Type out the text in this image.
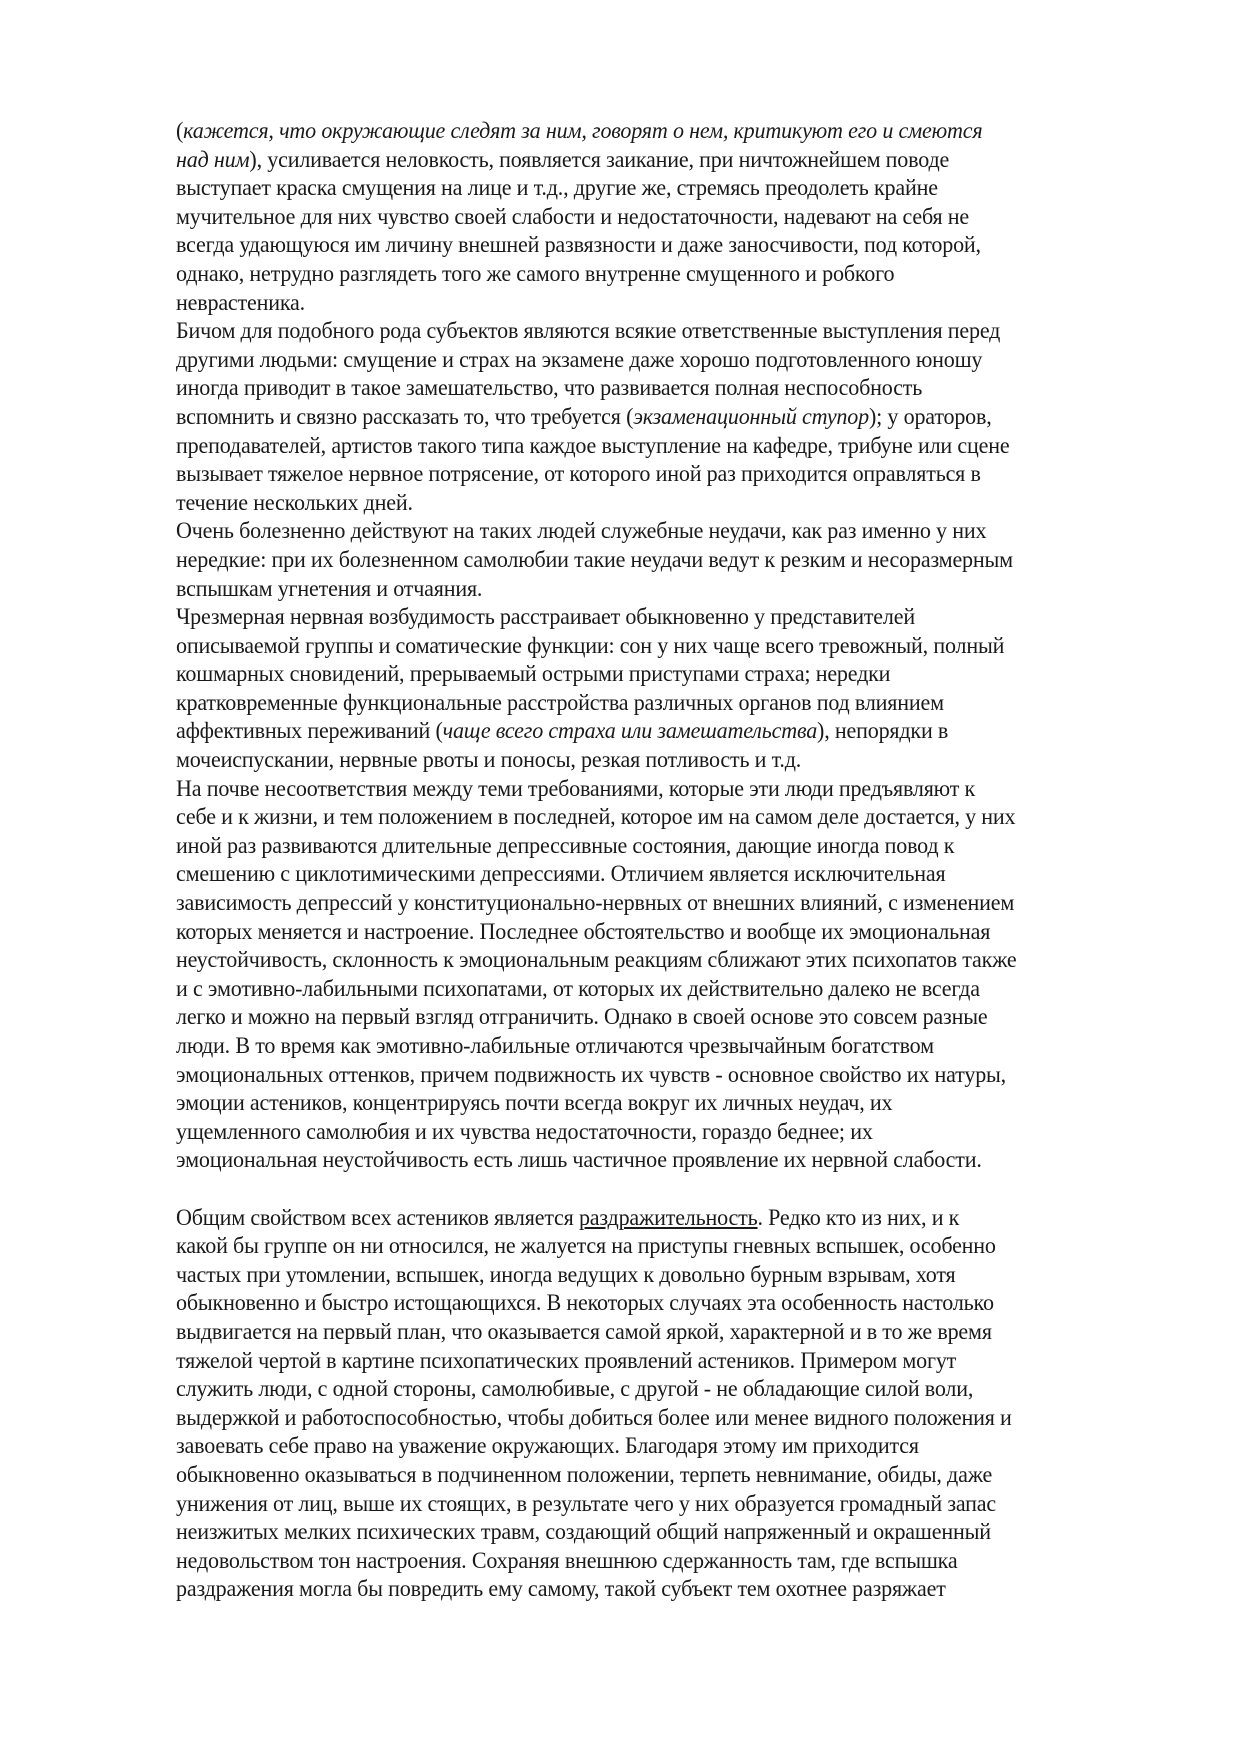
(кажется, что окружающие следят за ним, говорят о нем, критикуют его и смеются
над ним), усиливается неловкость, появляется заикание, при ничтожнейшем поводе
выступает краска смущения на лице и т.д., другие же, стремясь преодолеть крайне
мучительное для них чувство своей слабости и недостаточности, надевают на себя не
всегда удающуюся им личину внешней развязности и даже заносчивости, под которой,
однако, нетрудно разглядеть того же самого внутренне смущенного и робкого
неврастеника.
Бичом для подобного рода субъектов являются всякие ответственные выступления перед
другими людьми: смущение и страх на экзамене даже хорошо подготовленного юношу
иногда приводит в такое замешательство, что развивается полная неспособность
вспомнить и связно рассказать то, что требуется (экзаменационный ступор); у ораторов,
преподавателей, артистов такого типа каждое выступление на кафедре, трибуне или сцене
вызывает тяжелое нервное потрясение, от которого иной раз приходится оправляться в
течение нескольких дней.
Очень болезненно действуют на таких людей служебные неудачи, как раз именно у них
нередкие: при их болезненном самолюбии такие неудачи ведут к резким и несоразмерным
вспышкам угнетения и отчаяния.
Чрезмерная нервная возбудимость расстраивает обыкновенно у представителей
описываемой группы и соматические функции: сон у них чаще всего тревожный, полный
кошмарных сновидений, прерываемый острыми приступами страха; нередки
кратковременные функциональные расстройства различных органов под влиянием
аффективных переживаний (чаще всего страха или замешательства), непорядки в
мочеиспускании, нервные рвоты и поносы, резкая потливость и т.д.
На почве несоответствия между теми требованиями, которые эти люди предъявляют к
себе и к жизни, и тем положением в последней, которое им на самом деле достается, у них
иной раз развиваются длительные депрессивные состояния, дающие иногда повод к
смешению с циклотимическими депрессиями. Отличием является исключительная
зависимость депрессий у конституционально-нервных от внешних влияний, с изменением
которых меняется и настроение. Последнее обстоятельство и вообще их эмоциональная
неустойчивость, склонность к эмоциональным реакциям сближают этих психопатов также
и с эмотивно-лабильными психопатами, от которых их действительно далеко не всегда
легко и можно на первый взгляд отграничить. Однако в своей основе это совсем разные
люди. В то время как эмотивно-лабильные отличаются чрезвычайным богатством
эмоциональных оттенков, причем подвижность их чувств - основное свойство их натуры,
эмоции астеников, концентрируясь почти всегда вокруг их личных неудач, их
ущемленного самолюбия и их чувства недостаточности, гораздо беднее; их
эмоциональная неустойчивость есть лишь частичное проявление их нервной слабости.
Общим свойством всех астеников является раздражительность. Редко кто из них, и к
какой бы группе он ни относился, не жалуется на приступы гневных вспышек, особенно
частых при утомлении, вспышек, иногда ведущих к довольно бурным взрывам, хотя
обыкновенно и быстро истощающихся. В некоторых случаях эта особенность настолько
выдвигается на первый план, что оказывается самой яркой, характерной и в то же время
тяжелой чертой в картине психопатических проявлений астеников. Примером могут
служить люди, с одной стороны, самолюбивые, с другой - не обладающие силой воли,
выдержкой и работоспособностью, чтобы добиться более или менее видного положения и
завоевать себе право на уважение окружающих. Благодаря этому им приходится
обыкновенно оказываться в подчиненном положении, терпеть невнимание, обиды, даже
унижения от лиц, выше их стоящих, в результате чего у них образуется громадный запас
неизжитых мелких психических травм, создающий общий напряженный и окрашенный
недовольством тон настроения. Сохраняя внешнюю сдержанность там, где вспышка
раздражения могла бы повредить ему самому, такой субъект тем охотнее разряжает
